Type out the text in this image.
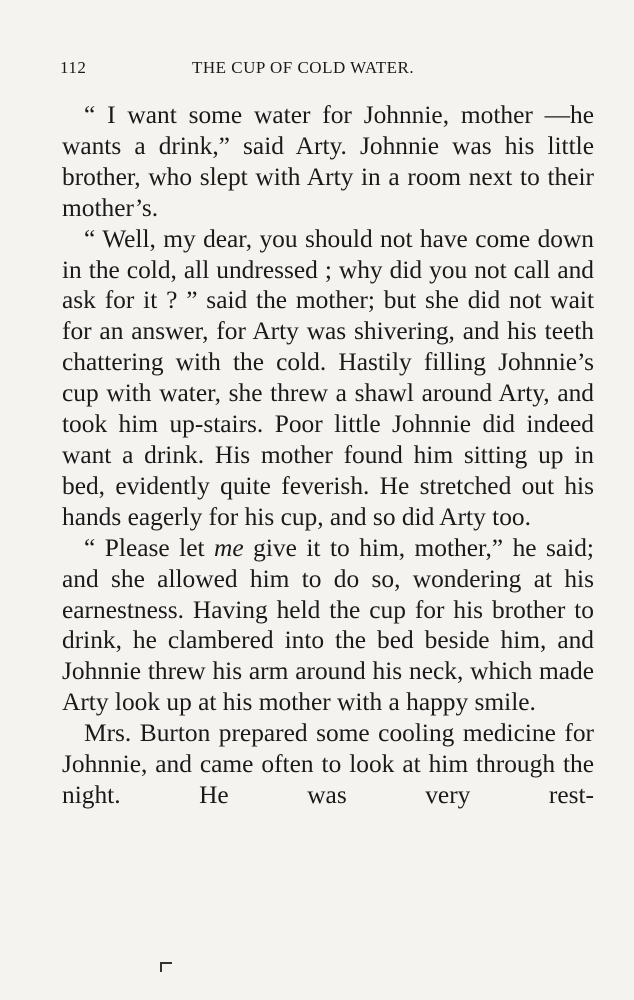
112	THE CUP OF COLD WATER.

“ I want some water for Johnnie, mother —he wants a drink,” said Arty. Johnnie was his little brother, who slept with Arty in a room next to their mother’s.

“ Well, my dear, you should not have come down in the cold, all undressed ; why did you not call and ask for it ? ” said the mother; but she did not wait for an answer, for Arty was shivering, and his teeth chattering with the cold. Hastily filling Johnnie’s cup with water, she threw a shawl around Arty, and took him up-stairs. Poor little Johnnie did indeed want a drink. His mother found him sitting up in bed, evidently quite feverish. He stretched out his hands eagerly for his cup, and so did Arty too.

“ Please let me give it to him, mother,” he said; and she allowed him to do so, wondering at his earnestness. Having held the cup for his brother to drink, he clambered into the bed beside him, and Johnnie threw his arm around his neck, which made Arty look up at his mother with a happy smile.

Mrs. Burton prepared some cooling medicine for Johnnie, and came often to look at him through the night. He was very rest-
